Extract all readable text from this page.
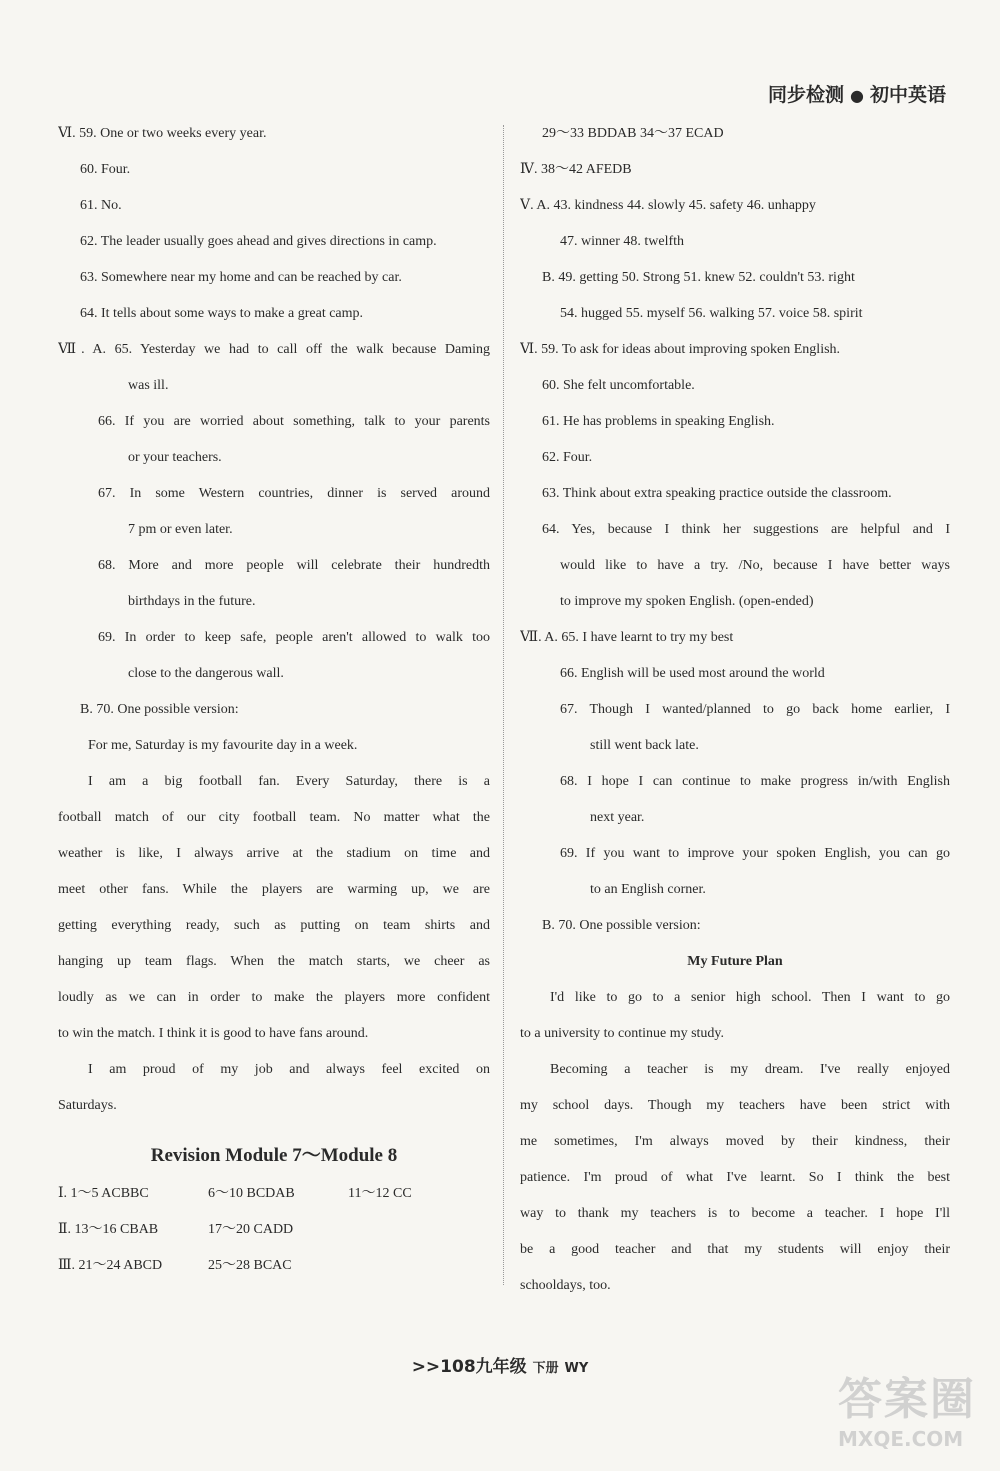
同步检测 ● 初中英语
Ⅵ. 59. One or two weeks every year.
60. Four.
61. No.
62. The leader usually goes ahead and gives directions in camp.
63. Somewhere near my home and can be reached by car.
64. It tells about some ways to make a great camp.
Ⅶ. A. 65. Yesterday we had to call off the walk because Daming
was ill.
66. If you are worried about something, talk to your parents
or your teachers.
67. In some Western countries, dinner is served around
7 pm or even later.
68. More and more people will celebrate their hundredth
birthdays in the future.
69. In order to keep safe, people aren't allowed to walk too
close to the dangerous wall.
B. 70. One possible version:
For me, Saturday is my favourite day in a week.
I am a big football fan. Every Saturday, there is a
football match of our city football team. No matter what the
weather is like, I always arrive at the stadium on time and
meet other fans. While the players are warming up, we are
getting everything ready, such as putting on team shirts and
hanging up team flags. When the match starts, we cheer as
loudly as we can in order to make the players more confident
to win the match. I think it is good to have fans around.
I am proud of my job and always feel excited on
Saturdays.
Revision Module 7～Module 8
Ⅰ. 1～5 ACBBC	6～10 BCDAB	11～12 CC
Ⅱ. 13～16 CBAB	17～20 CADD
Ⅲ. 21～24 ABCD	25～28 BCAC
29～33 BDDAB 34～37 ECAD
Ⅳ. 38～42 AFEDB
Ⅴ. A. 43. kindness 44. slowly 45. safety 46. unhappy
47. winner 48. twelfth
B. 49. getting 50. Strong 51. knew 52. couldn't 53. right
54. hugged 55. myself 56. walking 57. voice 58. spirit
Ⅵ. 59. To ask for ideas about improving spoken English.
60. She felt uncomfortable.
61. He has problems in speaking English.
62. Four.
63. Think about extra speaking practice outside the classroom.
64. Yes, because I think her suggestions are helpful and I
would like to have a try. /No, because I have better ways
to improve my spoken English. (open-ended)
Ⅶ. A. 65. I have learnt to try my best
66. English will be used most around the world
67. Though I wanted/planned to go back home earlier, I
still went back late.
68. I hope I can continue to make progress in/with English
next year.
69. If you want to improve your spoken English, you can go
to an English corner.
B. 70. One possible version:
My Future Plan
I'd like to go to a senior high school. Then I want to go
to a university to continue my study.
Becoming a teacher is my dream. I've really enjoyed
my school days. Though my teachers have been strict with
me sometimes, I'm always moved by their kindness, their
patience. I'm proud of what I've learnt. So I think the best
way to thank my teachers is to become a teacher. I hope I'll
be a good teacher and that my students will enjoy their
schooldays, too.
>>108九年级 下册 WY
答案圈
MXQE.COM
